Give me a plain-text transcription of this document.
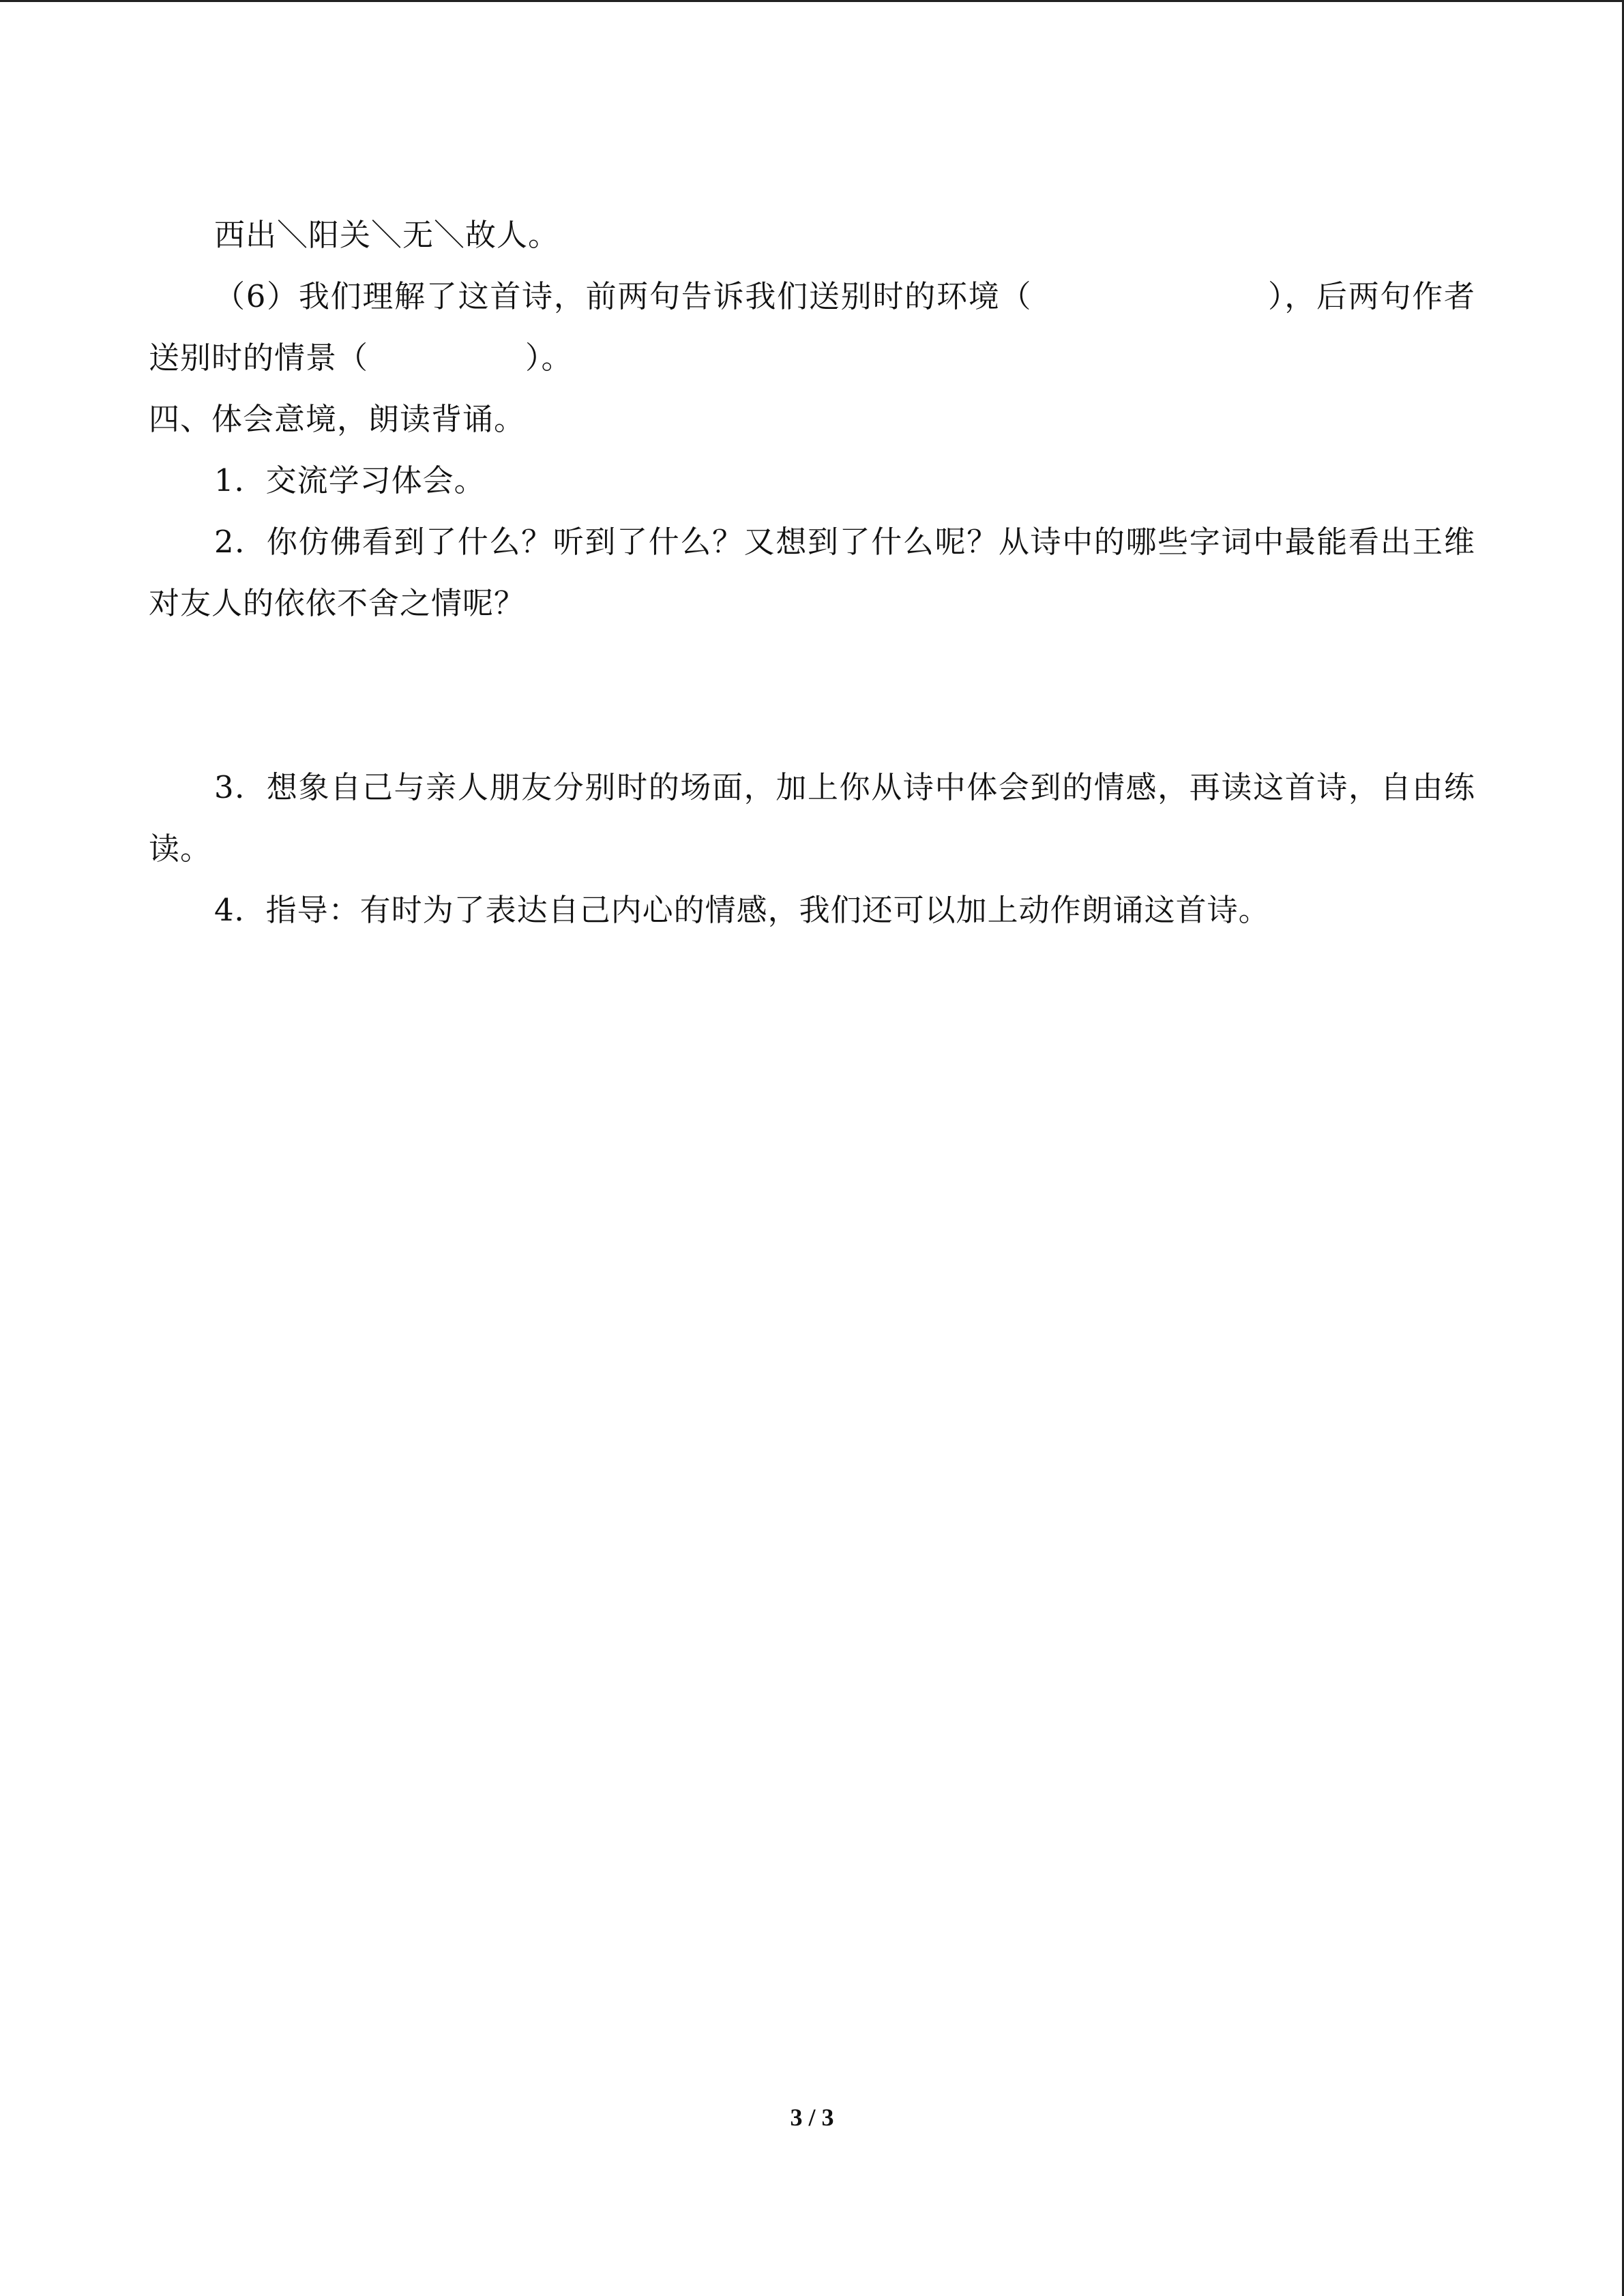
西出＼阳关＼无＼故人。

（6）我们理解了这首诗，前两句告诉我们送别时的环境（	），后两句作者送别时的情景（	）。

四、体会意境，朗读背诵。

1．交流学习体会。

2．你仿佛看到了什么？听到了什么？又想到了什么呢？从诗中的哪些字词中最能看出王维对友人的依依不舍之情呢？

3．想象自己与亲人朋友分别时的场面，加上你从诗中体会到的情感，再读这首诗，自由练读。

4．指导：有时为了表达自己内心的情感，我们还可以加上动作朗诵这首诗。

3 / 3
